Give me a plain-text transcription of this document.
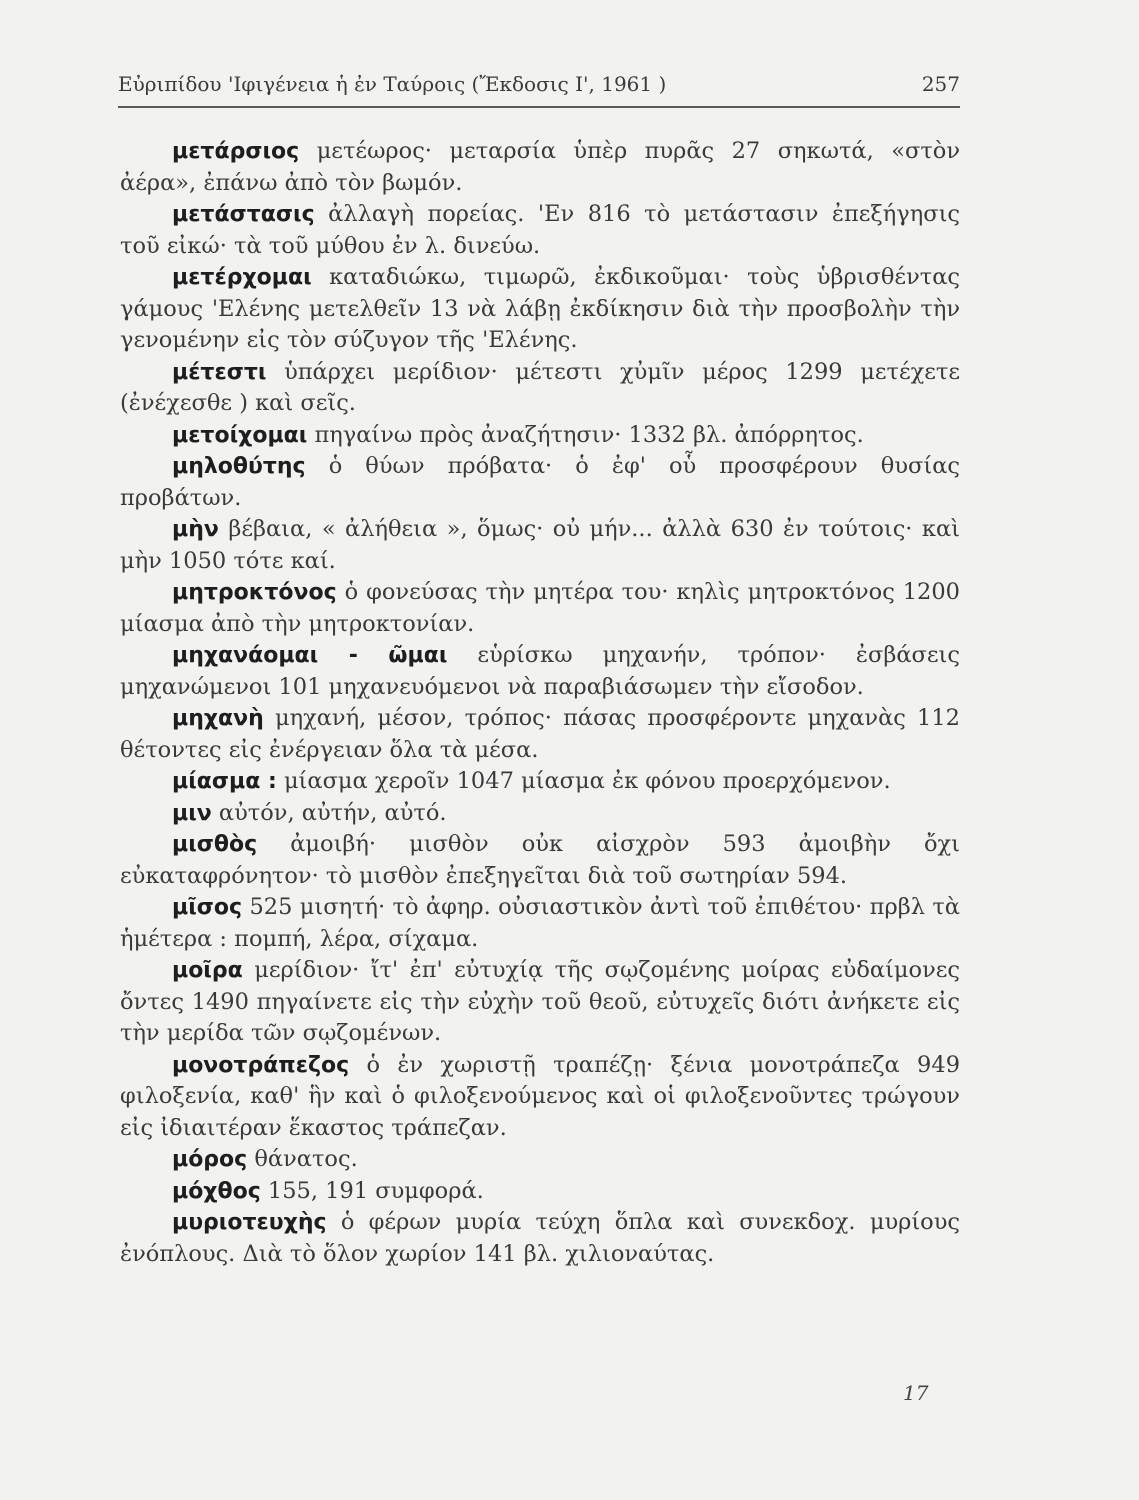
Εὐριπίδου 'Ιφιγένεια ἡ ἐν Ταύροις (Ἔκδοσις Ι', 1961 )	257

μετάρσιος μετέωρος· μεταρσία ὑπὲρ πυρᾶς 27 σηκωτά, «στὸν ἀέρα», ἐπάνω ἀπὸ τὸν βωμόν.

μετάστασις ἀλλαγὴ πορείας. 'Εν 816 τὸ μετάστασιν ἐπεξήγησις τοῦ εἰκώ· τὰ τοῦ μύθου ἐν λ. δινεύω.

μετέρχομαι καταδιώκω, τιμωρῶ, ἐκδικοῦμαι· τοὺς ὑβρισθέντας γάμους 'Ελένης μετελθεῖν 13 νὰ λάβῃ ἐκδίκησιν διὰ τὴν προσβολὴν τὴν γενομένην εἰς τὸν σύζυγον τῆς 'Ελένης.

μέτεστι ὑπάρχει μερίδιον· μέτεστι χὐμῖν μέρος 1299 μετέχετε (ἐνέχεσθε ) καὶ σεῖς.

μετοίχομαι πηγαίνω πρὸς ἀναζήτησιν· 1332 βλ. ἀπόρρητος.

μηλοθύτης ὁ θύων πρόβατα· ὁ ἐφ' οὗ προσφέρουν θυσίας προβάτων.

μὴν βέβαια, « ἀλήθεια », ὅμως· οὐ μήν... ἀλλὰ 630 ἐν τούτοις· καὶ μὴν 1050 τότε καί.

μητροκτόνος ὁ φονεύσας τὴν μητέρα του· κηλὶς μητροκτόνος 1200 μίασμα ἀπὸ τὴν μητροκτονίαν.

μηχανάομαι - ῶμαι εὑρίσκω μηχανήν, τρόπον· ἐσβάσεις μηχανώμενοι 101 μηχανευόμενοι νὰ παραβιάσωμεν τὴν εἴσοδον.

μηχανὴ μηχανή, μέσον, τρόπος· πάσας προσφέροντε μηχανὰς 112 θέτοντες εἰς ἐνέργειαν ὅλα τὰ μέσα.

μίασμα : μίασμα χεροῖν 1047 μίασμα ἐκ φόνου προερχόμενον.

μιν αὐτόν, αὐτήν, αὐτό.

μισθὸς ἀμοιβή· μισθὸν οὐκ αἰσχρὸν 593 ἀμοιβὴν ὄχι εὐκαταφρόνητον· τὸ μισθὸν ἐπεξηγεῖται διὰ τοῦ σωτηρίαν 594.

μῖσος 525 μισητή· τὸ ἀφηρ. οὐσιαστικὸν ἀντὶ τοῦ ἐπιθέτου· πρβλ τὰ ἡμέτερα : πομπή, λέρα, σίχαμα.

μοῖρα μερίδιον· ἴτ' ἐπ' εὐτυχίᾳ τῆς σῳζομένης μοίρας εὐδαίμονες ὄντες 1490 πηγαίνετε εἰς τὴν εὐχὴν τοῦ θεοῦ, εὐτυχεῖς διότι ἀνήκετε εἰς τὴν μερίδα τῶν σῳζομένων.

μονοτράπεζος ὁ ἐν χωριστῇ τραπέζῃ· ξένια μονοτράπεζα 949 φιλοξενία, καθ' ἣν καὶ ὁ φιλοξενούμενος καὶ οἱ φιλοξενοῦντες τρώγουν εἰς ἰδιαιτέραν ἕκαστος τράπεζαν.

μόρος θάνατος.

μόχθος 155, 191 συμφορά.

μυριοτευχὴς ὁ φέρων μυρία τεύχη ὅπλα καὶ συνεκδοχ. μυρίους ἐνόπλους. Διὰ τὸ ὅλον χωρίον 141 βλ. χιλιοναύτας.

17
